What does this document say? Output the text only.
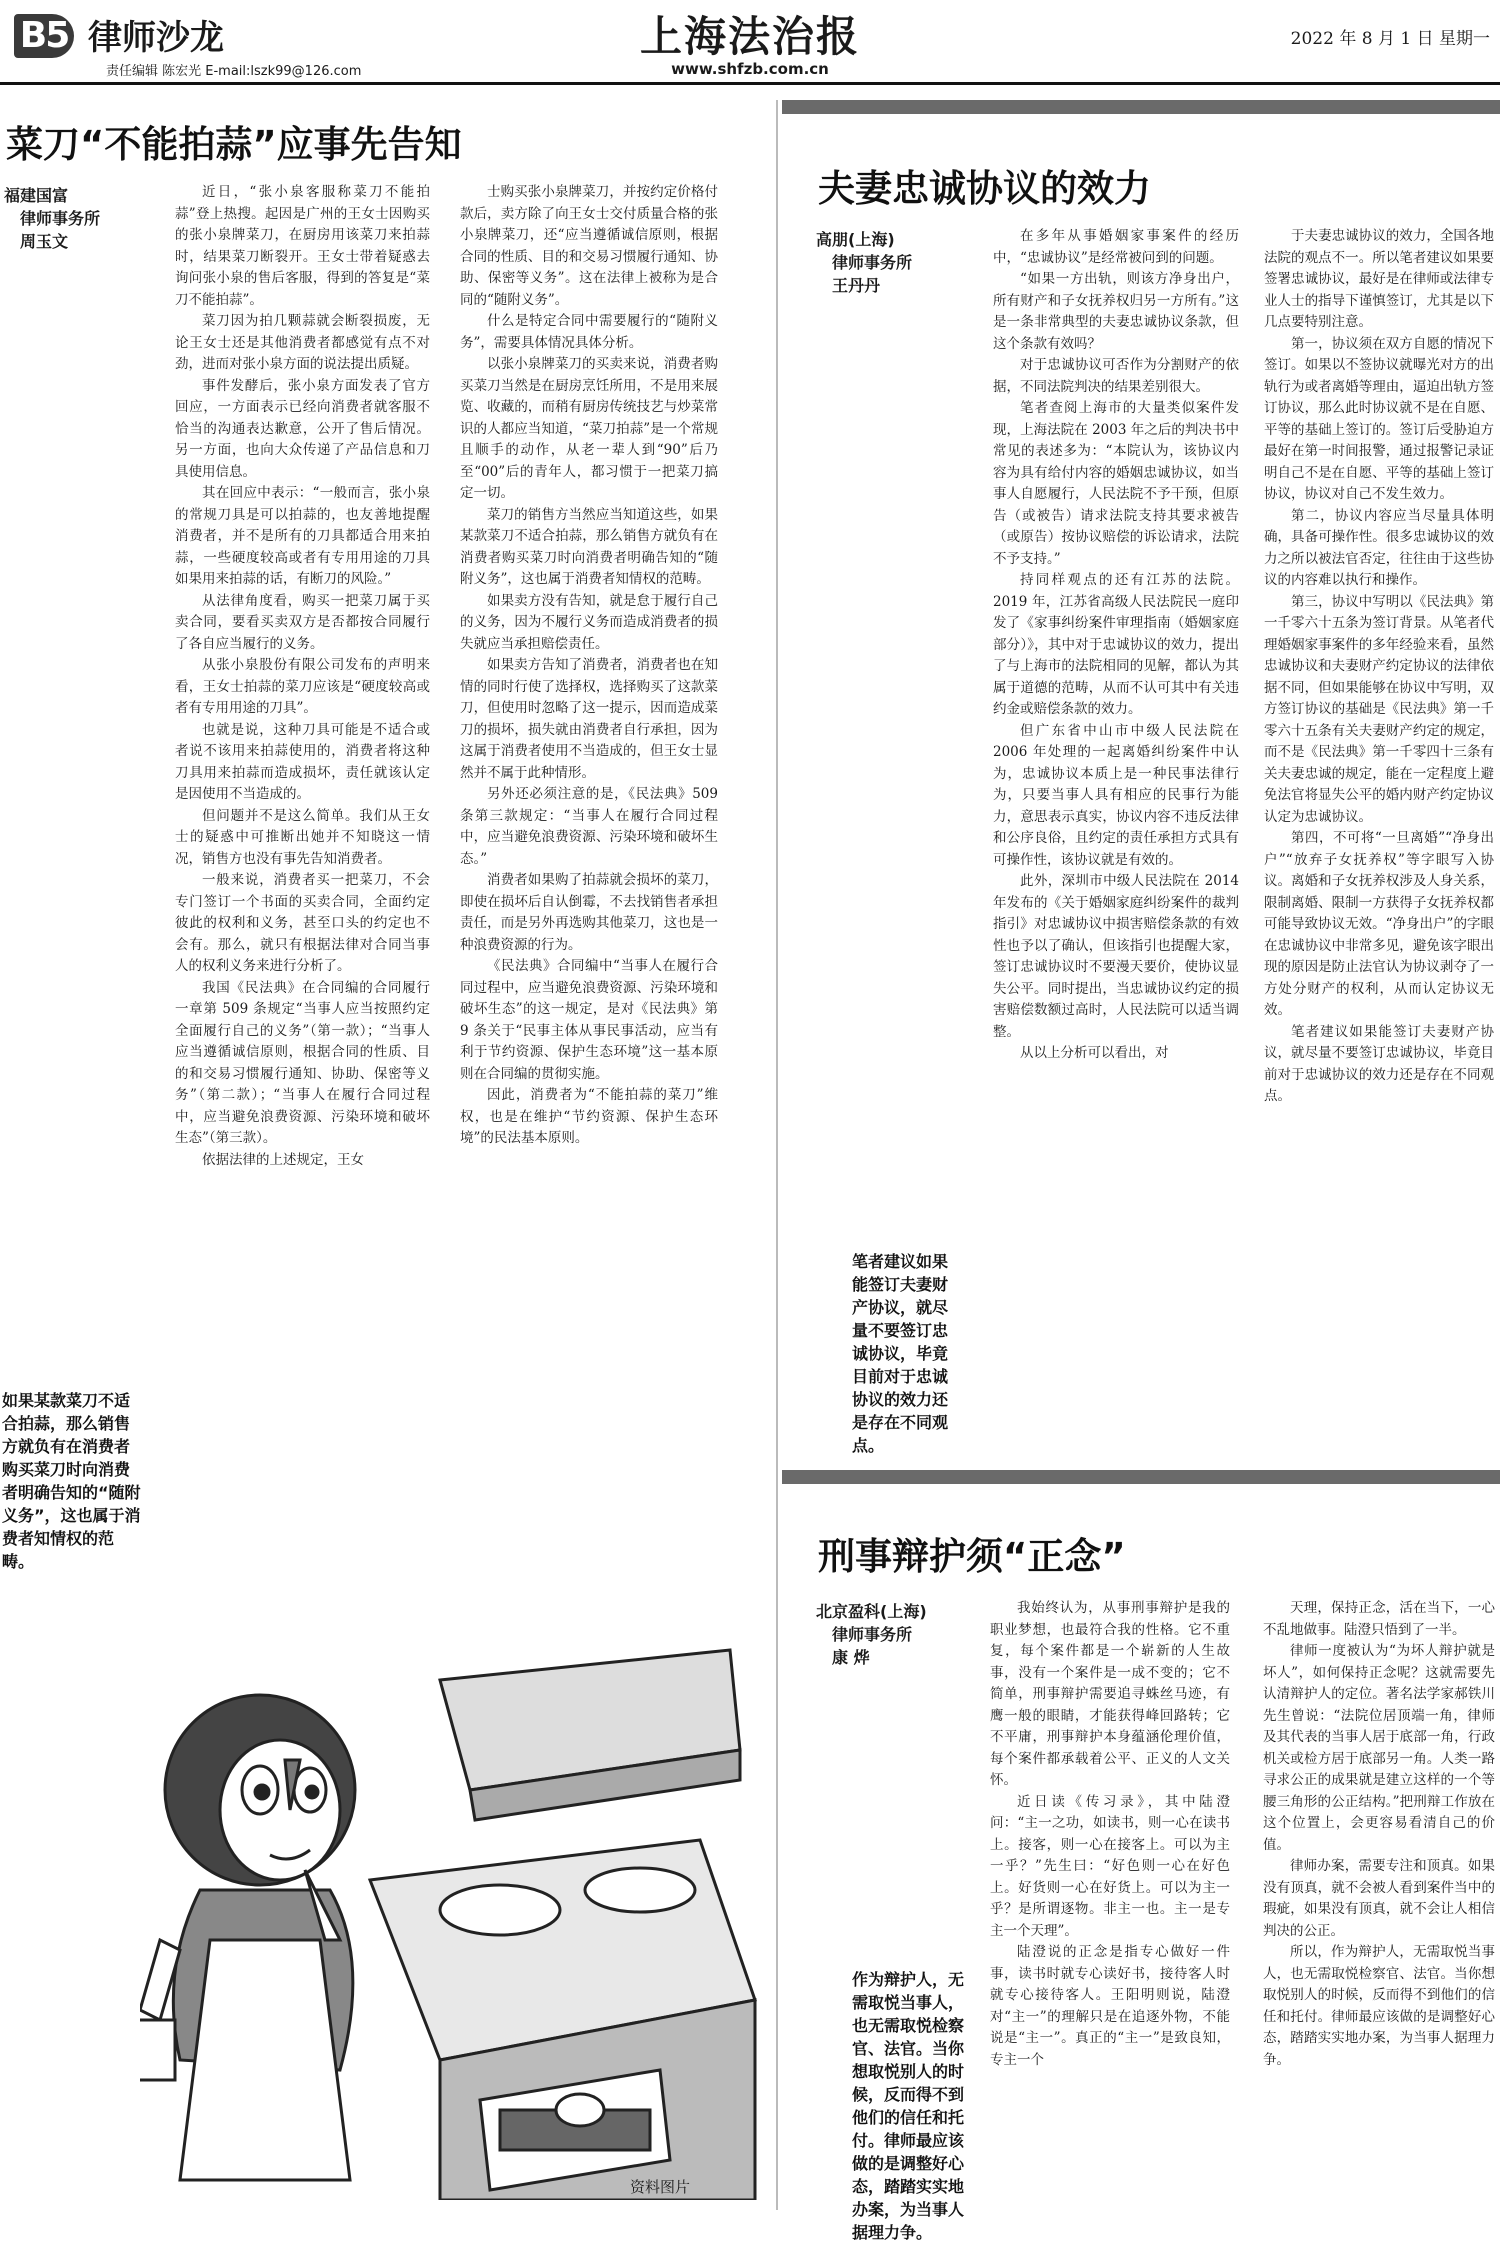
B5 律师沙龙
责任编辑 陈宏光 E-mail:lszk99@126.com
上海法治报
www.shfzb.com.cn
2022 年 8 月 1 日 星期一
菜刀“不能拍蒜”应事先告知
福建国富
律师事务所
周玉文

近日，“张小泉客服称菜刀不能拍蒜”登上热搜。起因是广州的王女士因购买的张小泉牌菜刀，在厨房用该菜刀来拍蒜时，结果菜刀断裂开。王女士带着疑惑去询问张小泉的售后客服，得到的答复是“菜刀不能拍蒜”。

菜刀因为拍几颗蒜就会断裂损废，无论王女士还是其他消费者都感觉有点不对劲，进而对张小泉方面的说法提出质疑。

事件发酵后，张小泉方面发表了官方回应，一方面表示已经向消费者就客服不恰当的沟通表达歉意，公开了售后情况。另一方面，也向大众传递了产品信息和刀具使用信息。

其在回应中表示：“一般而言，张小泉的常规刀具是可以拍蒜的，也友善地提醒消费者，并不是所有的刀具都适合用来拍蒜，一些硬度较高或者有专用用途的刀具如果用来拍蒜的话，有断刀的风险。”

从法律角度看，购买一把菜刀属于买卖合同，要看买卖双方是否都按合同履行了各自应当履行的义务。

从张小泉股份有限公司发布的声明来看，王女士拍蒜的菜刀应该是“硬度较高或者有专用用途的刀具”。

也就是说，这种刀具可能是不适合或者说不该用来拍蒜使用的，消费者将这种刀具用来拍蒜而造成损坏，责任就该认定是因使用不当造成的。

但问题并不是这么简单。我们从王女士的疑惑中可推断出她并不知晓这一情况，销售方也没有事先告知消费者。

一般来说，消费者买一把菜刀，不会专门签订一个书面的买卖合同，全面约定彼此的权利和义务，甚至口头的约定也不会有。那么，就只有根据法律对合同当事人的权利义务来进行分析了。

我国《民法典》在合同编的合同履行一章第 509 条规定“当事人应当按照约定全面履行自己的义务”（第一款）；“当事人应当遵循诚信原则，根据合同的性质、目的和交易习惯履行通知、协助、保密等义务”（第二款）；“当事人在履行合同过程中，应当避免浪费资源、污染环境和破坏生态”（第三款）。

依据法律的上述规定，王女

士购买张小泉牌菜刀，并按约定价格付款后，卖方除了向王女士交付质量合格的张小泉牌菜刀，还“应当遵循诚信原则，根据合同的性质、目的和交易习惯履行通知、协助、保密等义务”。这在法律上被称为是合同的“随附义务”。

什么是特定合同中需要履行的“随附义务”，需要具体情况具体分析。

以张小泉牌菜刀的买卖来说，消费者购买菜刀当然是在厨房烹饪所用，不是用来展览、收藏的，而稍有厨房传统技艺与炒菜常识的人都应当知道，“菜刀拍蒜”是一个常规且顺手的动作，从老一辈人到“90”后乃至“00”后的青年人，都习惯于一把菜刀搞定一切。

菜刀的销售方当然应当知道这些，如果某款菜刀不适合拍蒜，那么销售方就负有在消费者购买菜刀时向消费者明确告知的“随附义务”，这也属于消费者知情权的范畴。

如果卖方没有告知，就是怠于履行自己的义务，因为不履行义务而造成消费者的损失就应当承担赔偿责任。

如果卖方告知了消费者，消费者也在知情的同时行使了选择权，选择购买了这款菜刀，但使用时忽略了这一提示，因而造成菜刀的损坏，损失就由消费者自行承担，因为这属于消费者使用不当造成的，但王女士显然并不属于此种情形。

另外还必须注意的是，《民法典》509 条第三款规定：“当事人在履行合同过程中，应当避免浪费资源、污染环境和破坏生态。”

消费者如果购了拍蒜就会损坏的菜刀，即使在损坏后自认倒霉，不去找销售者承担责任，而是另外再选购其他菜刀，这也是一种浪费资源的行为。

《民法典》合同编中“当事人在履行合同过程中，应当避免浪费资源、污染环境和破坏生态”的这一规定，是对《民法典》第 9 条关于“民事主体从事民事活动，应当有利于节约资源、保护生态环境”这一基本原则在合同编的贯彻实施。

因此，消费者为“不能拍蒜的菜刀”维权，也是在维护“节约资源、保护生态环境”的民法基本原则。

如果某款菜刀不适合拍蒜，那么销售方就负有在消费者购买菜刀时向消费者明确告知的“随附义务”，这也属于消费者知情权的范畴。
资料图片
夫妻忠诚协议的效力
高朋(上海)
律师事务所
王丹丹

在多年从事婚姻家事案件的经历中，“忠诚协议”是经常被问到的问题。

“如果一方出轨，则该方净身出户，所有财产和子女抚养权归另一方所有。”这是一条非常典型的夫妻忠诚协议条款，但这个条款有效吗？

对于忠诚协议可否作为分割财产的依据，不同法院判决的结果差别很大。

笔者查阅上海市的大量类似案件发现，上海法院在 2003 年之后的判决书中常见的表述多为：“本院认为，该协议内容为具有给付内容的婚姻忠诚协议，如当事人自愿履行，人民法院不予干预，但原告（或被告）请求法院支持其要求被告（或原告）按协议赔偿的诉讼请求，法院不予支持。”

持同样观点的还有江苏的法院。2019 年，江苏省高级人民法院民一庭印发了《家事纠纷案件审理指南（婚姻家庭部分）》，其中对于忠诚协议的效力，提出了与上海市的法院相同的见解，都认为其属于道德的范畴，从而不认可其中有关违约金或赔偿条款的效力。

但广东省中山市中级人民法院在 2006 年处理的一起离婚纠纷案件中认为，忠诚协议本质上是一种民事法律行为，只要当事人具有相应的民事行为能力，意思表示真实，协议内容不违反法律和公序良俗，且约定的责任承担方式具有可操作性，该协议就是有效的。

此外，深圳市中级人民法院在 2014 年发布的《关于婚姻家庭纠纷案件的裁判指引》对忠诚协议中损害赔偿条款的有效性也予以了确认，但该指引也提醒大家，签订忠诚协议时不要漫天要价，使协议显失公平。同时提出，当忠诚协议约定的损害赔偿数额过高时，人民法院可以适当调整。

从以上分析可以看出，对

于夫妻忠诚协议的效力，全国各地法院的观点不一。所以笔者建议如果要签署忠诚协议，最好是在律师或法律专业人士的指导下谨慎签订，尤其是以下几点要特别注意。

第一，协议须在双方自愿的情况下签订。如果以不签协议就曝光对方的出轨行为或者离婚等理由，逼迫出轨方签订协议，那么此时协议就不是在自愿、平等的基础上签订的。签订后受胁迫方最好在第一时间报警，通过报警记录证明自己不是在自愿、平等的基础上签订协议，协议对自己不发生效力。

第二，协议内容应当尽量具体明确，具备可操作性。很多忠诚协议的效力之所以被法官否定，往往由于这些协议的内容难以执行和操作。

第三，协议中写明以《民法典》第一千零六十五条为签订背景。从笔者代理婚姻家事案件的多年经验来看，虽然忠诚协议和夫妻财产约定协议的法律依据不同，但如果能够在协议中写明，双方签订协议的基础是《民法典》第一千零六十五条有关夫妻财产约定的规定，而不是《民法典》第一千零四十三条有关夫妻忠诚的规定，能在一定程度上避免法官将显失公平的婚内财产约定协议认定为忠诚协议。

第四，不可将“一旦离婚”“净身出户”“放弃子女抚养权”等字眼写入协议。离婚和子女抚养权涉及人身关系，限制离婚、限制一方获得子女抚养权都可能导致协议无效。“净身出户”的字眼在忠诚协议中非常多见，避免该字眼出现的原因是防止法官认为协议剥夺了一方处分财产的权利，从而认定协议无效。

笔者建议如果能签订夫妻财产协议，就尽量不要签订忠诚协议，毕竟目前对于忠诚协议的效力还是存在不同观点。

笔者建议如果能签订夫妻财产协议，就尽量不要签订忠诚协议，毕竟目前对于忠诚协议的效力还是存在不同观点。
刑事辩护须“正念”
北京盈科(上海)
律师事务所
康 烨

我始终认为，从事刑事辩护是我的职业梦想，也最符合我的性格。它不重复，每个案件都是一个崭新的人生故事，没有一个案件是一成不变的；它不简单，刑事辩护需要追寻蛛丝马迹，有鹰一般的眼睛，才能获得峰回路转；它不平庸，刑事辩护本身蕴涵伦理价值，每个案件都承载着公平、正义的人文关怀。

近日读《传习录》，其中陆澄问：“主一之功，如读书，则一心在读书上。接客，则一心在接客上。可以为主一乎？”先生曰：“好色则一心在好色上。好货则一心在好货上。可以为主一乎？是所谓逐物。非主一也。主一是专主一个天理”。

陆澄说的正念是指专心做好一件事，读书时就专心读好书，接待客人时就专心接待客人。王阳明则说，陆澄对“主一”的理解只是在追逐外物，不能说是“主一”。真正的“主一”是致良知，专主一个

天理，保持正念，活在当下，一心不乱地做事。陆澄只悟到了一半。

律师一度被认为“为坏人辩护就是坏人”，如何保持正念呢？这就需要先认清辩护人的定位。著名法学家郝铁川先生曾说：“法院位居顶端一角，律师及其代表的当事人居于底部一角，行政机关或检方居于底部另一角。人类一路寻求公正的成果就是建立这样的一个等腰三角形的公正结构。”把刑辩工作放在这个位置上，会更容易看清自己的价值。

律师办案，需要专注和顶真。如果没有顶真，就不会被人看到案件当中的瑕疵，如果没有顶真，就不会让人相信判决的公正。

所以，作为辩护人，无需取悦当事人，也无需取悦检察官、法官。当你想取悦别人的时候，反而得不到他们的信任和托付。律师最应该做的是调整好心态，踏踏实实地办案，为当事人据理力争。

作为辩护人，无需取悦当事人，也无需取悦检察官、法官。当你想取悦别人的时候，反而得不到他们的信任和托付。律师最应该做的是调整好心态，踏踏实实地办案，为当事人据理力争。
